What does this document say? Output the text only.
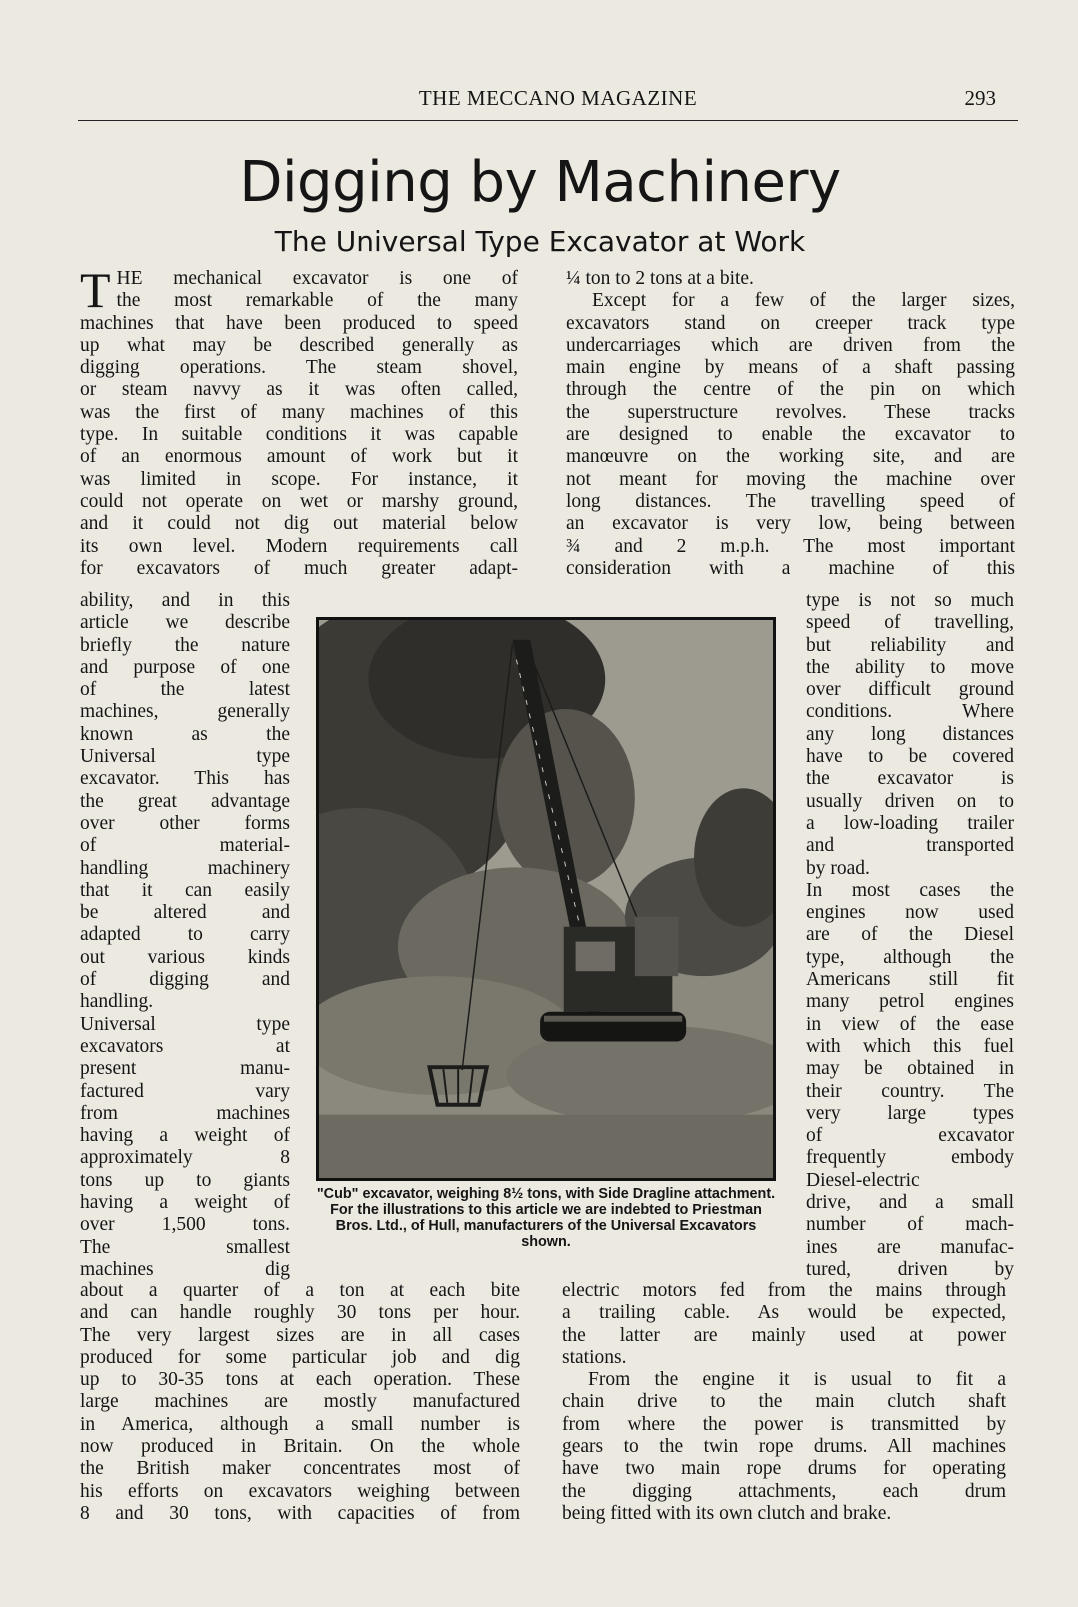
THE MECCANO MAGAZINE	293
Digging by Machinery
The Universal Type Excavator at Work
T HE mechanical excavator is one of
the most remarkable of the many
machines that have been produced to speed
up what may be described generally as
digging operations. The steam shovel,
or steam navvy as it was often called,
was the first of many machines of this
type. In suitable conditions it was capable
of an enormous amount of work but it
was limited in scope. For instance, it
could not operate on wet or marshy ground,
and it could not dig out material below
its own level. Modern requirements call
for excavators of much greater adapt-
ability, and in this
article we describe
briefly the nature
and purpose of one
of the latest
machines, generally
known as the
Universal type
excavator. This has
the great advantage
over other forms
of material-
handling machinery
that it can easily
be altered and
adapted to carry
out various kinds
of digging and
handling.
Universal type
excavators at
present manu-
factured vary
from machines
having a weight of
approximately 8
tons up to giants
having a weight of
over 1,500 tons.
The smallest
machines dig
about a quarter of a ton at each bite
and can handle roughly 30 tons per hour.
The very largest sizes are in all cases
produced for some particular job and dig
up to 30-35 tons at each operation. These
large machines are mostly manufactured
in America, although a small number is
now produced in Britain. On the whole
the British maker concentrates most of
his efforts on excavators weighing between
8 and 30 tons, with capacities of from
¼ ton to 2 tons at a bite.
Except for a few of the larger sizes,
excavators stand on creeper track type
undercarriages which are driven from the
main engine by means of a shaft passing
through the centre of the pin on which
the superstructure revolves. These tracks
are designed to enable the excavator to
manœuvre on the working site, and are
not meant for moving the machine over
long distances. The travelling speed of
an excavator is very low, being between
¾ and 2 m.p.h. The most important
consideration with a machine of this
type is not so much
speed of travelling,
but reliability and
the ability to move
over difficult ground
conditions. Where
any long distances
have to be covered
the excavator is
usually driven on to
a low-loading trailer
and transported
by road.
In most cases the
engines now used
are of the Diesel
type, although the
Americans still fit
many petrol engines
in view of the ease
with which this fuel
may be obtained in
their country. The
very large types
of excavator
frequently embody
Diesel-electric
drive, and a small
number of mach-
ines are manufac-
tured, driven by
electric motors fed from the mains through
a trailing cable. As would be expected,
the latter are mainly used at power
stations.
From the engine it is usual to fit a
chain drive to the main clutch shaft
from where the power is transmitted by
gears to the twin rope drums. All machines
have two main rope drums for operating
the digging attachments, each drum
being fitted with its own clutch and brake.

"Cub" excavator, weighing 8½ tons, with Side Dragline attachment. For the illustrations to this article we are indebted to Priestman Bros. Ltd., of Hull, manufacturers of the Universal Excavators shown.
